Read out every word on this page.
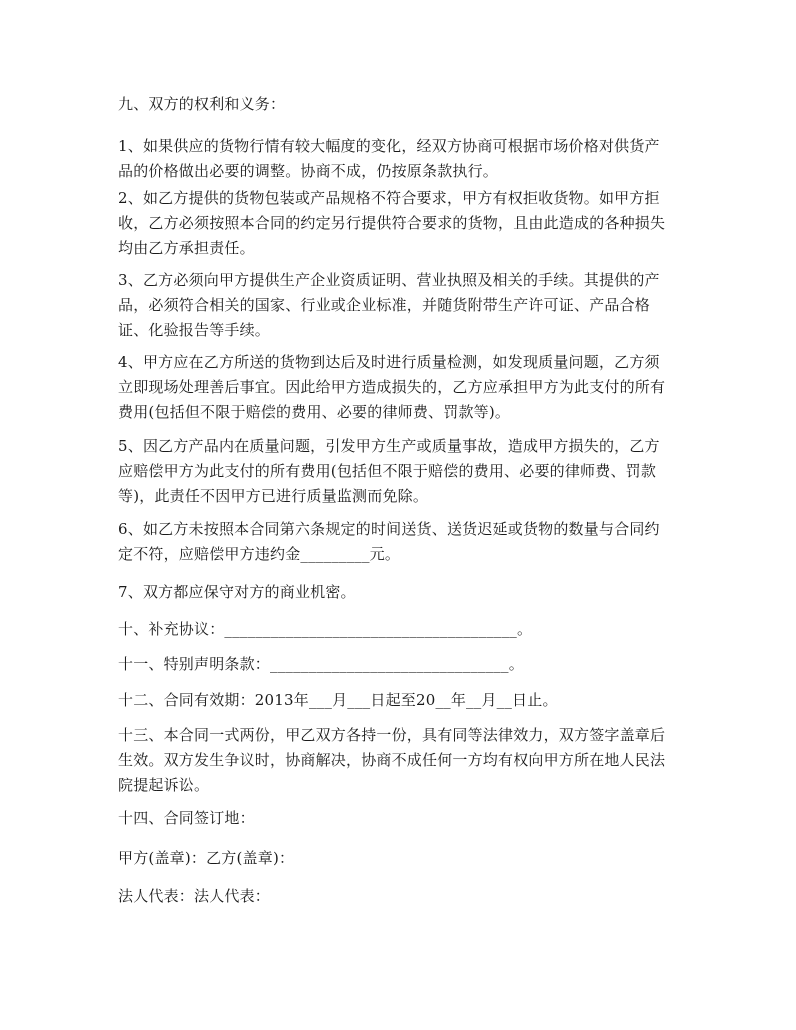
九、双方的权利和义务：

1、如果供应的货物行情有较大幅度的变化，经双方协商可根据市场价格对供货产
品的价格做出必要的调整。协商不成，仍按原条款执行。

2、如乙方提供的货物包装或产品规格不符合要求，甲方有权拒收货物。如甲方拒
收，乙方必须按照本合同的约定另行提供符合要求的货物，且由此造成的各种损失
均由乙方承担责任。

3、乙方必须向甲方提供生产企业资质证明、营业执照及相关的手续。其提供的产
品，必须符合相关的国家、行业或企业标准，并随货附带生产许可证、产品合格
证、化验报告等手续。

4、甲方应在乙方所送的货物到达后及时进行质量检测，如发现质量问题，乙方须
立即现场处理善后事宜。因此给甲方造成损失的，乙方应承担甲方为此支付的所有
费用(包括但不限于赔偿的费用、必要的律师费、罚款等)。

5、因乙方产品内在质量问题，引发甲方生产或质量事故，造成甲方损失的，乙方
应赔偿甲方为此支付的所有费用(包括但不限于赔偿的费用、必要的律师费、罚款
等)，此责任不因甲方已进行质量监测而免除。

6、如乙方未按照本合同第六条规定的时间送货、送货迟延或货物的数量与合同约
定不符，应赔偿甲方违约金_________元。

7、双方都应保守对方的商业机密。

十、补充协议：______________________________________。

十一、特别声明条款：_______________________________。

十二、合同有效期：2013年___月___日起至20__年__月__日止。

十三、本合同一式两份，甲乙双方各持一份，具有同等法律效力，双方签字盖章后
生效。双方发生争议时，协商解决，协商不成任何一方均有权向甲方所在地人民法
院提起诉讼。

十四、合同签订地：

甲方(盖章)：乙方(盖章)：

法人代表：法人代表：
